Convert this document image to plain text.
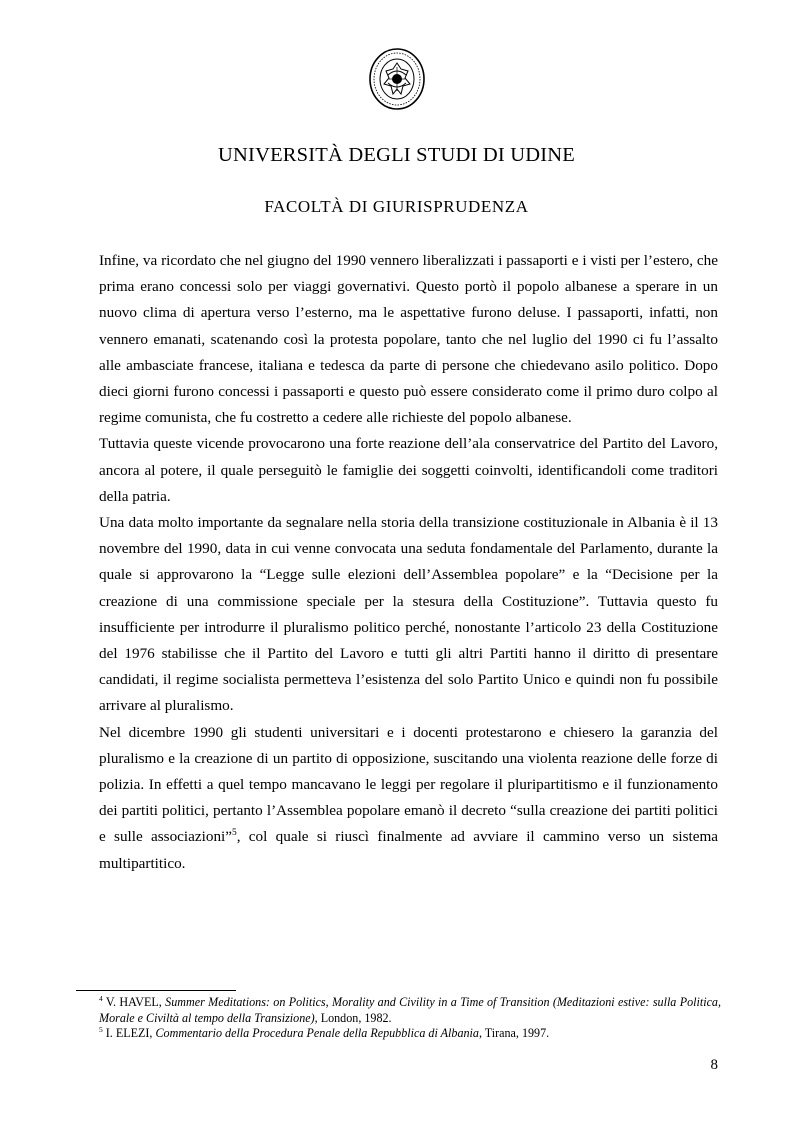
UNIVERSITÀ DEGLI STUDI DI UDINE
FACOLTÀ DI GIURISPRUDENZA

Infine, va ricordato che nel giugno del 1990 vennero liberalizzati i passaporti e i visti per l’estero, che prima erano concessi solo per viaggi governativi. Questo portò il popolo albanese a sperare in un nuovo clima di apertura verso l’esterno, ma le aspettative furono deluse. I passaporti, infatti, non vennero emanati, scatenando così la protesta popolare, tanto che nel luglio del 1990 ci fu l’assalto alle ambasciate francese, italiana e tedesca da parte di persone che chiedevano asilo politico. Dopo dieci giorni furono concessi i passaporti e questo può essere considerato come il primo duro colpo al regime comunista, che fu costretto a cedere alle richieste del popolo albanese.

Tuttavia queste vicende provocarono una forte reazione dell’ala conservatrice del Partito del Lavoro, ancora al potere, il quale perseguitò le famiglie dei soggetti coinvolti, identificandoli come traditori della patria.

Una data molto importante da segnalare nella storia della transizione costituzionale in Albania è il 13 novembre del 1990, data in cui venne convocata una seduta fondamentale del Parlamento, durante la quale si approvarono la “Legge sulle elezioni dell’Assemblea popolare” e la “Decisione per la creazione di una commissione speciale per la stesura della Costituzione”. Tuttavia questo fu insufficiente per introdurre il pluralismo politico perché, nonostante l’articolo 23 della Costituzione del 1976 stabilisse che il Partito del Lavoro e tutti gli altri Partiti hanno il diritto di presentare candidati, il regime socialista permetteva l’esistenza del solo Partito Unico e quindi non fu possibile arrivare al pluralismo.

Nel dicembre 1990 gli studenti universitari e i docenti protestarono e chiesero la garanzia del pluralismo e la creazione di un partito di opposizione, suscitando una violenta reazione delle forze di polizia. In effetti a quel tempo mancavano le leggi per regolare il pluripartitismo e il funzionamento dei partiti politici, pertanto l’Assemblea popolare emanò il decreto “sulla creazione dei partiti politici e sulle associazioni”$^5$, col quale si riuscì finalmente ad avviare il cammino verso un sistema multipartitico.

$^4$ V. HAVEL, Summer Meditations: on Politics, Morality and Civility in a Time of Transition (Meditazioni estive: sulla Politica, Morale e Civiltà al tempo della Transizione), London, 1982.

$^5$ I. ELEZI, Commentario della Procedura Penale della Repubblica di Albania, Tirana, 1997.

8
